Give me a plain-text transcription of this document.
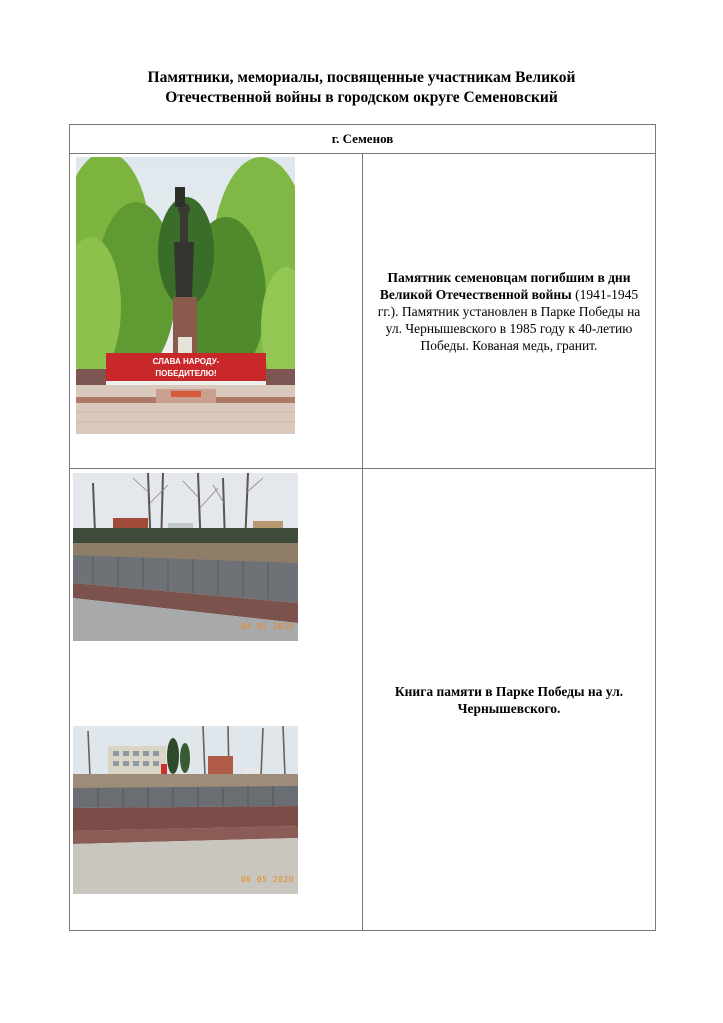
Памятники, мемориалы, посвященные участникам Великой
Отечественной войны в городском округе Семеновский
г. Семенов	

СЛАВА НАРОДУ-
ПОБЕДИТЕЛЮ!	Памятник семеновцам погибшим в дни Великой Отечественной войны (1941-1945 гг.). Памятник установлен в Парке Победы на ул. Чернышевского в 1985 году к 40-летию Победы. Кованая медь, гранит.

04 05 2020
06 05 2020	Книга памяти в Парке Победы на ул. Чернышевского.
